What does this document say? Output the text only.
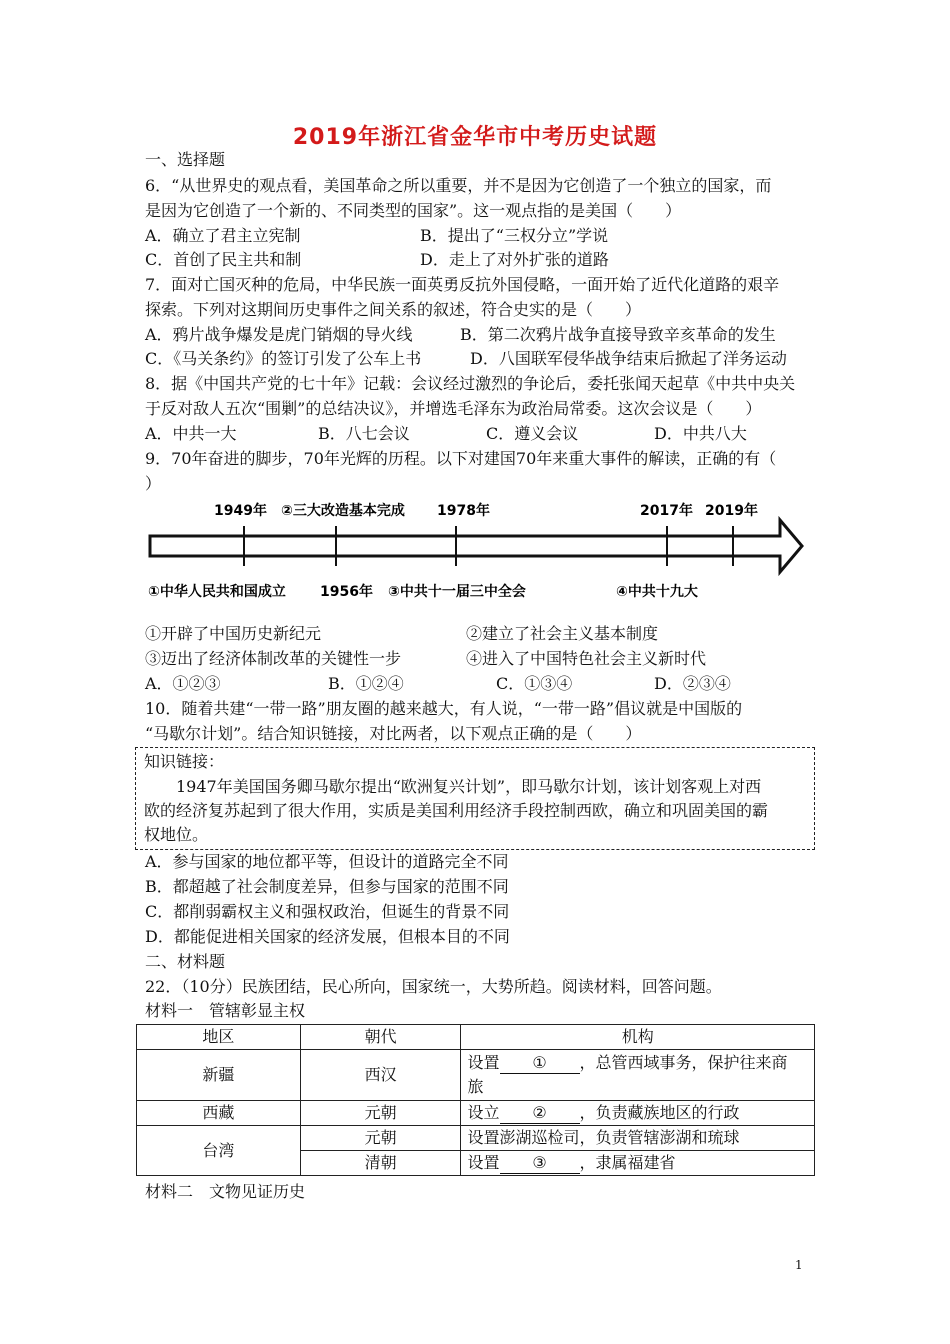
2019年浙江省金华市中考历史试题
一、选择题
6．“从世界史的观点看，美国革命之所以重要，并不是因为它创造了一个独立的国家，而
是因为它创造了一个新的、不同类型的国家”。这一观点指的是美国（　　）
A．确立了君主立宪制	B．提出了“三权分立”学说
C．首创了民主共和制	D．走上了对外扩张的道路
7．面对亡国灭种的危局，中华民族一面英勇反抗外国侵略，一面开始了近代化道路的艰辛
探索。下列对这期间历史事件之间关系的叙述，符合史实的是（　　）
A．鸦片战争爆发是虎门销烟的导火线	B．第二次鸦片战争直接导致辛亥革命的发生
C．《马关条约》的签订引发了公车上书	D．八国联军侵华战争结束后掀起了洋务运动
8．据《中国共产党的七十年》记载：会议经过激烈的争论后，委托张闻天起草《中共中央关
于反对敌人五次“围剿”的总结决议》，并增选毛泽东为政治局常委。这次会议是（　　）
A．中共一大	B．八七会议	C．遵义会议	D．中共八大
9．70年奋进的脚步，70年光辉的历程。以下对建国70年来重大事件的解读，正确的有（
）
1949年 ②三大改造基本完成 1978年	2017年 2019年
①中华人民共和国成立 1956年 ③中共十一届三中全会	④中共十九大
①开辟了中国历史新纪元	②建立了社会主义基本制度
③迈出了经济体制改革的关键性一步	④进入了中国特色社会主义新时代
A．①②③	B．①②④	C．①③④	D．②③④
10．随着共建“一带一路”朋友圈的越来越大，有人说，“一带一路”倡议就是中国版的
“马歇尔计划”。结合知识链接，对比两者，以下观点正确的是（　　）
知识链接：
　　1947年美国国务卿马歇尔提出“欧洲复兴计划”，即马歇尔计划，该计划客观上对西
欧的经济复苏起到了很大作用，实质是美国利用经济手段控制西欧，确立和巩固美国的霸
权地位。
A．参与国家的地位都平等，但设计的道路完全不同
B．都超越了社会制度差异，但参与国家的范围不同
C．都削弱霸权主义和强权政治，但诞生的背景不同
D．都能促进相关国家的经济发展，但根本目的不同
二、材料题
22．（10分）民族团结，民心所向，国家统一，大势所趋。阅读材料，回答问题。
材料一　管辖彰显主权
地区	朝代	机构
新疆	西汉	设置 ① ，总管西域事务，保护往来商
旅
西藏	元朝	设立 ② ，负责藏族地区的行政
台湾	元朝	设置澎湖巡检司，负责管辖澎湖和琉球
	清朝	设置 ③ ，隶属福建省
材料二　文物见证历史
1
